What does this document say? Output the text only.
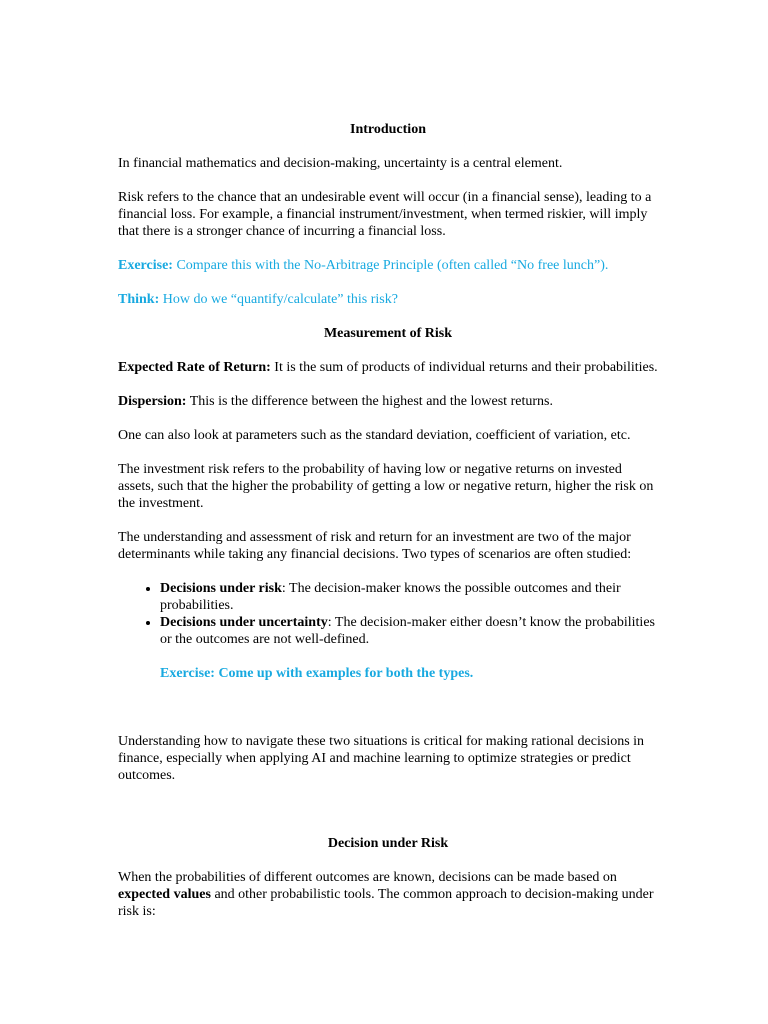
Introduction

In financial mathematics and decision-making, uncertainty is a central element.

Risk refers to the chance that an undesirable event will occur (in a financial sense), leading to a financial loss. For example, a financial instrument/investment, when termed riskier, will imply that there is a stronger chance of incurring a financial loss.

Exercise: Compare this with the No-Arbitrage Principle (often called “No free lunch”).

Think: How do we “quantify/calculate” this risk?

Measurement of Risk

Expected Rate of Return: It is the sum of products of individual returns and their probabilities.

Dispersion: This is the difference between the highest and the lowest returns.

One can also look at parameters such as the standard deviation, coefficient of variation, etc.

The investment risk refers to the probability of having low or negative returns on invested assets, such that the higher the probability of getting a low or negative return, higher the risk on the investment.

The understanding and assessment of risk and return for an investment are two of the major determinants while taking any financial decisions. Two types of scenarios are often studied:

• Decisions under risk: The decision-maker knows the possible outcomes and their probabilities.
• Decisions under uncertainty: The decision-maker either doesn’t know the probabilities or the outcomes are not well-defined.

Exercise: Come up with examples for both the types.

Understanding how to navigate these two situations is critical for making rational decisions in finance, especially when applying AI and machine learning to optimize strategies or predict outcomes.

Decision under Risk

When the probabilities of different outcomes are known, decisions can be made based on expected values and other probabilistic tools. The common approach to decision-making under risk is:
